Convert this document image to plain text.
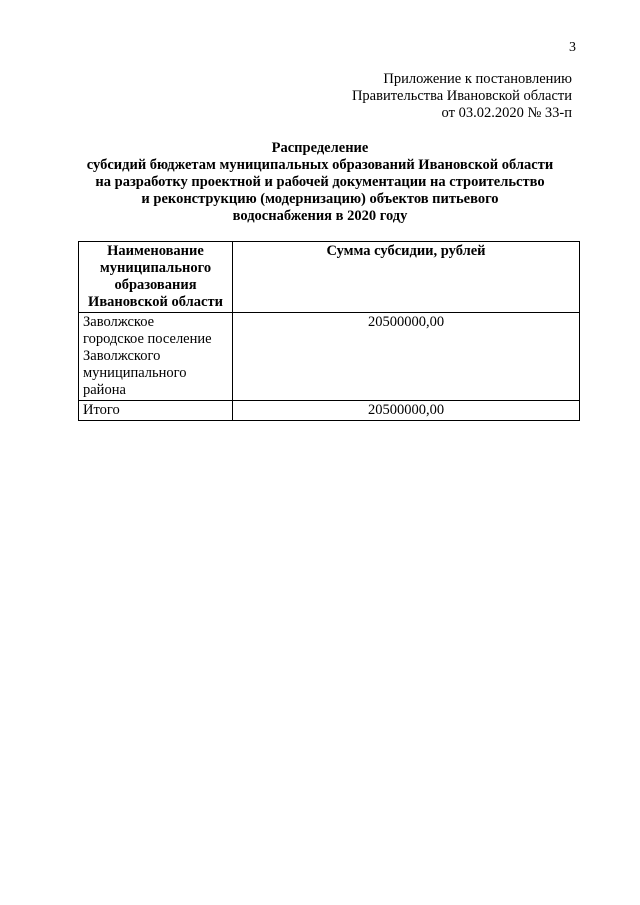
3
Приложение к постановлению
Правительства Ивановской области
от 03.02.2020 № 33-п
Распределение
субсидий бюджетам муниципальных образований Ивановской области
на разработку проектной и рабочей документации на строительство
и реконструкцию (модернизацию) объектов питьевого
водоснабжения в 2020 году
Наименование
муниципального
образования
Ивановской области	Сумма субсидии, рублей

Заволжское
городское поселение
Заволжского
муниципального
района	20500000,00
Итого	20500000,00
